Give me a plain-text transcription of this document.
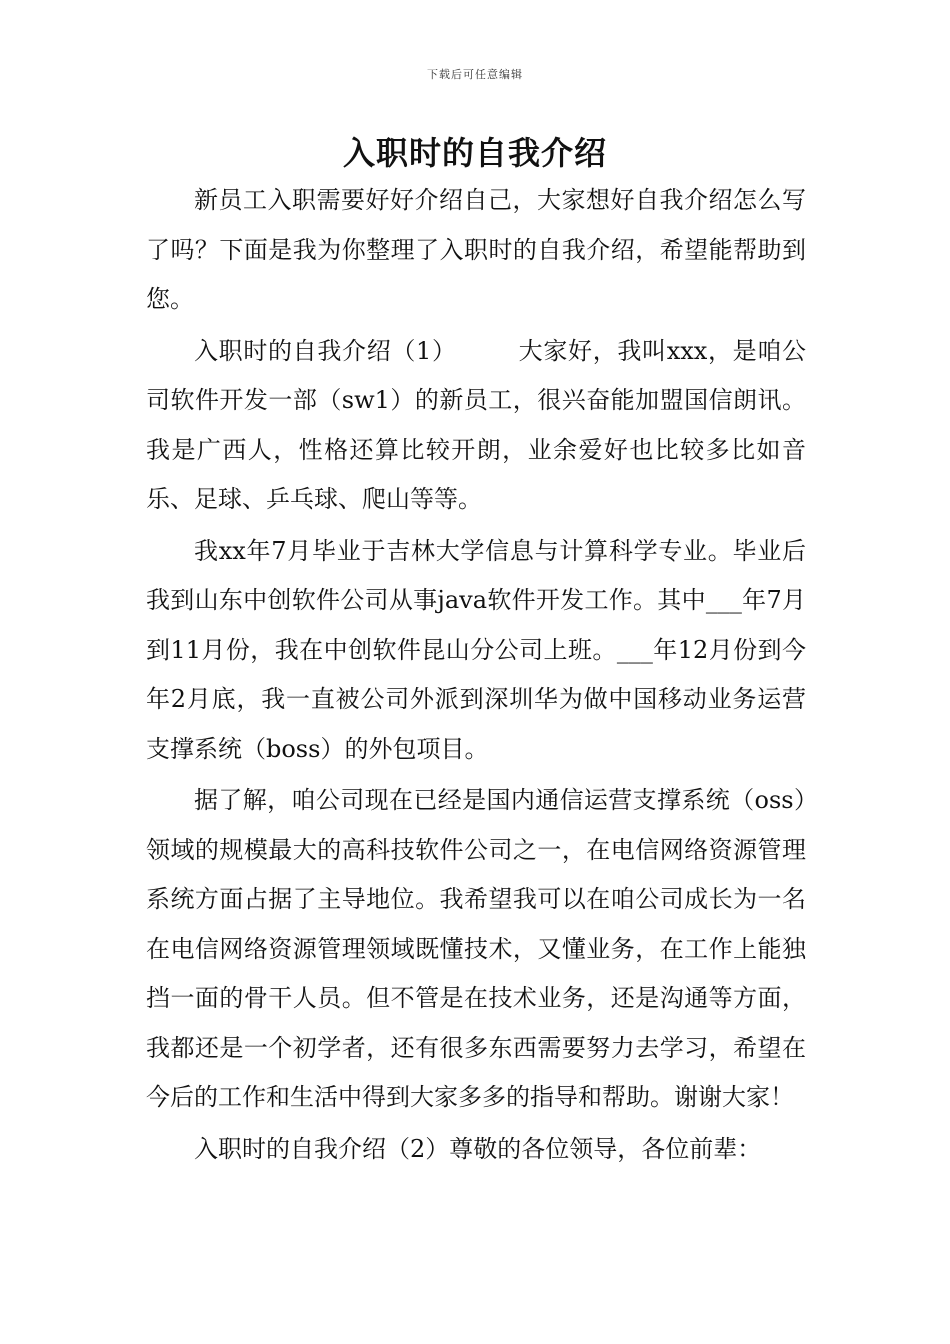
下载后可任意编辑
入职时的自我介绍

新员工入职需要好好介绍自己，大家想好自我介绍怎么写了吗？下面是我为你整理了入职时的自我介绍，希望能帮助到您。

入职时的自我介绍（1）　　　大家好，我叫xxx，是咱公司软件开发一部（sw1）的新员工，很兴奋能加盟国信朗讯。我是广西人，性格还算比较开朗，业余爱好也比较多比如音乐、足球、乒乓球、爬山等等。

我xx年7月毕业于吉林大学信息与计算科学专业。毕业后我到山东中创软件公司从事java软件开发工作。其中___年7月到11月份，我在中创软件昆山分公司上班。___年12月份到今年2月底，我一直被公司外派到深圳华为做中国移动业务运营支撑系统（boss）的外包项目。

据了解，咱公司现在已经是国内通信运营支撑系统（oss）领域的规模最大的高科技软件公司之一，在电信网络资源管理系统方面占据了主导地位。我希望我可以在咱公司成长为一名在电信网络资源管理领域既懂技术，又懂业务，在工作上能独挡一面的骨干人员。但不管是在技术业务，还是沟通等方面，我都还是一个初学者，还有很多东西需要努力去学习，希望在今后的工作和生活中得到大家多多的指导和帮助。谢谢大家！

入职时的自我介绍（2）尊敬的各位领导，各位前辈：
